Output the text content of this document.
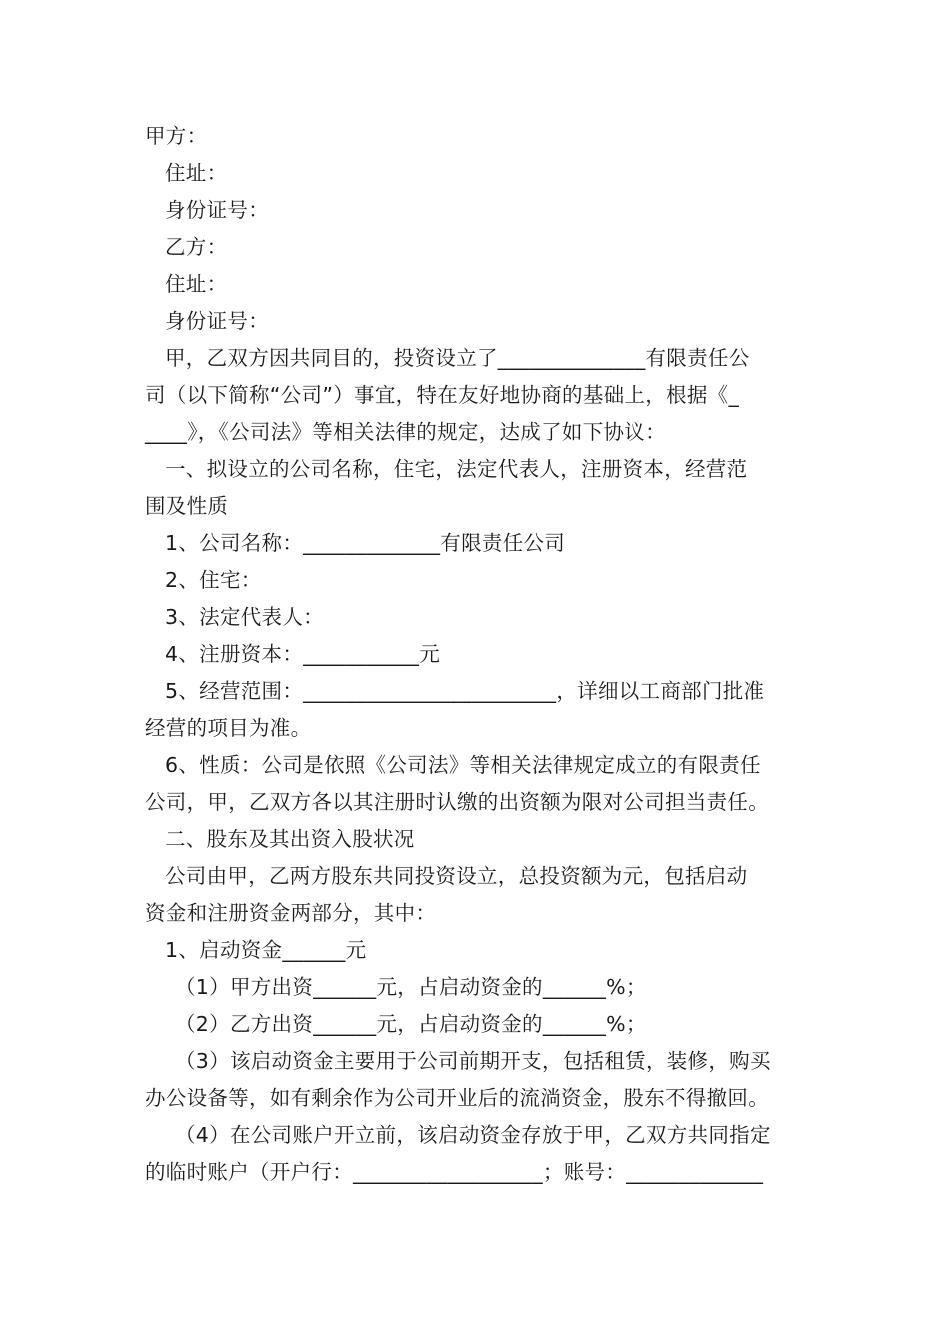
甲方：
住址：
身份证号：
乙方：
住址：
身份证号：
甲，乙双方因共同目的，投资设立了______________有限责任公
司（以下简称“公司”）事宜，特在友好地协商的基础上，根据《_
____》，《公司法》等相关法律的规定，达成了如下协议：
一、拟设立的公司名称，住宅，法定代表人，注册资本，经营范
围及性质
1、公司名称：_____________有限责任公司
2、住宅：
3、法定代表人：
4、注册资本：___________元
5、经营范围：________________________，详细以工商部门批准
经营的项目为准。
6、性质：公司是依照《公司法》等相关法律规定成立的有限责任
公司，甲，乙双方各以其注册时认缴的出资额为限对公司担当责任。
二、股东及其出资入股状况
公司由甲，乙两方股东共同投资设立，总投资额为元，包括启动
资金和注册资金两部分，其中：
1、启动资金______元
（1）甲方出资______元，占启动资金的______%；
（2）乙方出资______元，占启动资金的______%；
（3）该启动资金主要用于公司前期开支，包括租赁，装修，购买
办公设备等，如有剩余作为公司开业后的流淌资金，股东不得撤回。
（4）在公司账户开立前，该启动资金存放于甲，乙双方共同指定
的临时账户（开户行：__________________；账号：_____________
